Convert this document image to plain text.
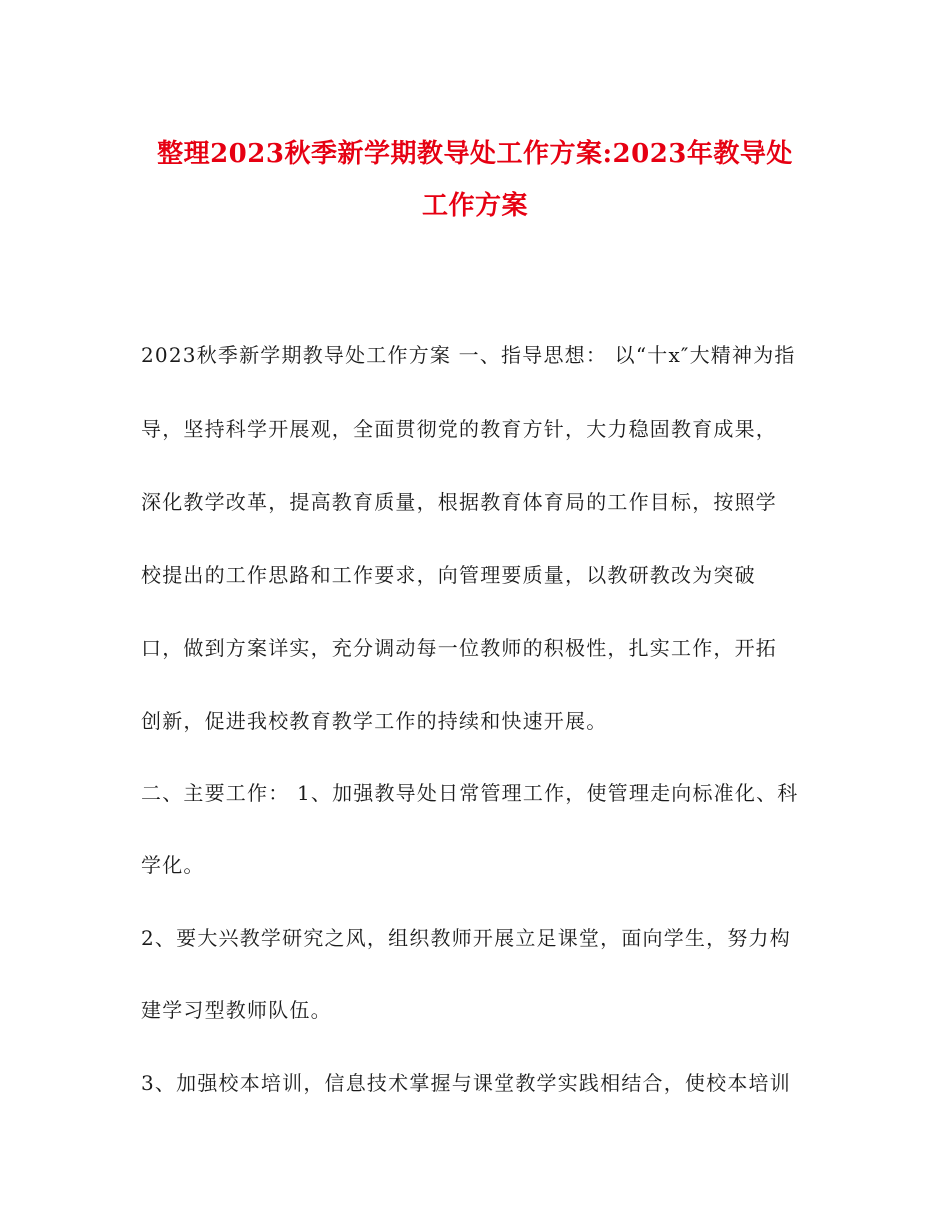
整理2023秋季新学期教导处工作方案:2023年教导处
工作方案
2023秋季新学期教导处工作方案 一、指导思想： 以“十x″大精神为指
导，坚持科学开展观，全面贯彻党的教育方针，大力稳固教育成果，
深化教学改革，提高教育质量，根据教育体育局的工作目标，按照学
校提出的工作思路和工作要求，向管理要质量，以教研教改为突破
口，做到方案详实，充分调动每一位教师的积极性，扎实工作，开拓
创新，促进我校教育教学工作的持续和快速开展。
二、主要工作： 1、加强教导处日常管理工作，使管理走向标准化、科
学化。
2、要大兴教学研究之风，组织教师开展立足课堂，面向学生，努力构
建学习型教师队伍。
3、加强校本培训，信息技术掌握与课堂教学实践相结合，使校本培训
